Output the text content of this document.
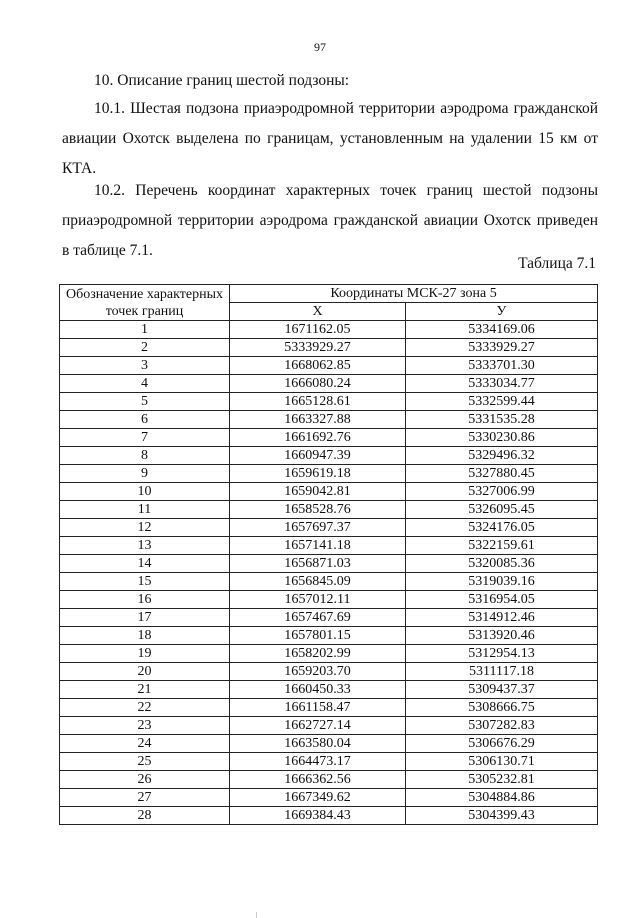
97

10. Описание границ шестой подзоны:

10.1. Шестая подзона приаэродромной территории аэродрома гражданской авиации Охотск выделена по границам, установленным на удалении 15 км от КТА.

10.2. Перечень координат характерных точек границ шестой подзоны приаэродромной территории аэродрома гражданской авиации Охотск приведен в таблице 7.1.

Таблица 7.1
Обозначение характерных точек границ	Координаты МСК-27 зона 5	
	Х	У
1	1671162.05	5334169.06
2	5333929.27	5333929.27
3	1668062.85	5333701.30
4	1666080.24	5333034.77
5	1665128.61	5332599.44
6	1663327.88	5331535.28
7	1661692.76	5330230.86
8	1660947.39	5329496.32
9	1659619.18	5327880.45
10	1659042.81	5327006.99
11	1658528.76	5326095.45
12	1657697.37	5324176.05
13	1657141.18	5322159.61
14	1656871.03	5320085.36
15	1656845.09	5319039.16
16	1657012.11	5316954.05
17	1657467.69	5314912.46
18	1657801.15	5313920.46
19	1658202.99	5312954.13
20	1659203.70	5311117.18
21	1660450.33	5309437.37
22	1661158.47	5308666.75
23	1662727.14	5307282.83
24	1663580.04	5306676.29
25	1664473.17	5306130.71
26	1666362.56	5305232.81
27	1667349.62	5304884.86
28	1669384.43	5304399.43
